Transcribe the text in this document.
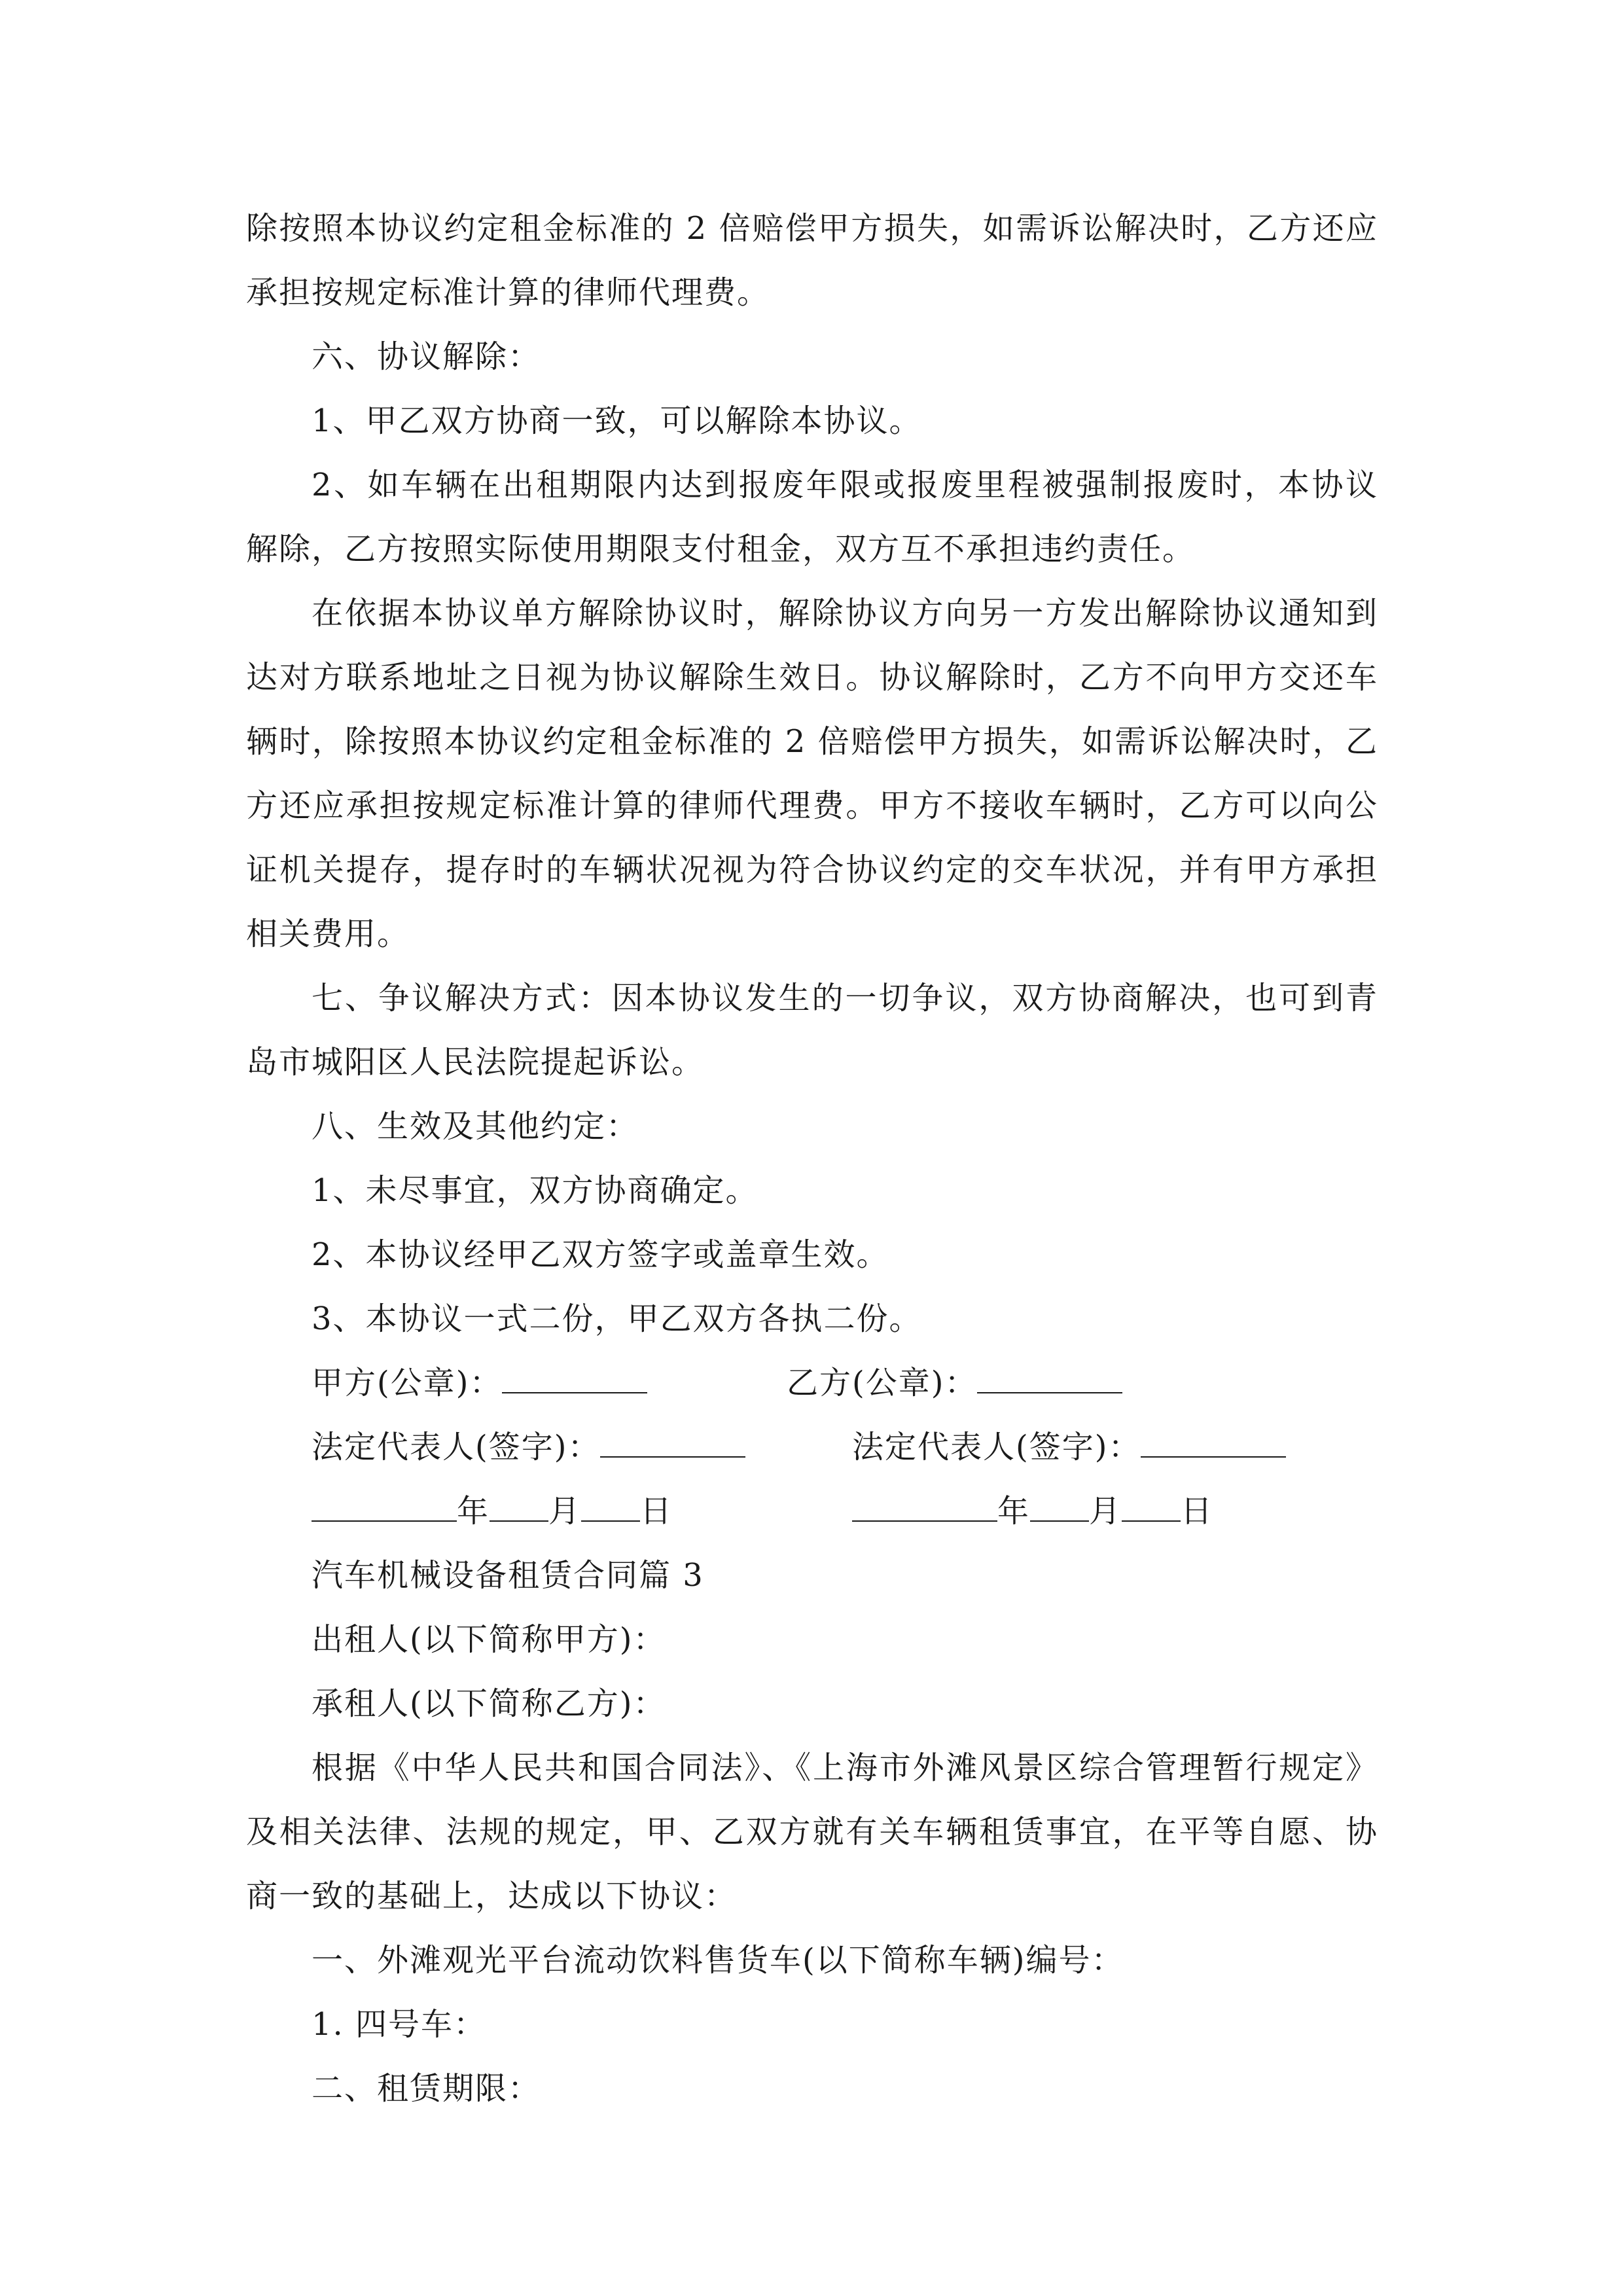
除按照本协议约定租金标准的 2 倍赔偿甲方损失，如需诉讼解决时，乙方还应承担按规定标准计算的律师代理费。

六、协议解除：

1、甲乙双方协商一致，可以解除本协议。

2、如车辆在出租期限内达到报废年限或报废里程被强制报废时，本协议解除，乙方按照实际使用期限支付租金，双方互不承担违约责任。

在依据本协议单方解除协议时，解除协议方向另一方发出解除协议通知到达对方联系地址之日视为协议解除生效日。协议解除时，乙方不向甲方交还车辆时，除按照本协议约定租金标准的 2 倍赔偿甲方损失，如需诉讼解决时，乙方还应承担按规定标准计算的律师代理费。甲方不接收车辆时，乙方可以向公证机关提存，提存时的车辆状况视为符合协议约定的交车状况，并有甲方承担相关费用。

七、争议解决方式：因本协议发生的一切争议，双方协商解决，也可到青岛市城阳区人民法院提起诉讼。

八、生效及其他约定：

1、未尽事宜，双方协商确定。

2、本协议经甲乙双方签字或盖章生效。

3、本协议一式二份，甲乙双方各执二份。

甲方(公章)：	乙方(公章)：
法定代表人(签字)：	法定代表人(签字)：
年 月 日	年 月 日

汽车机械设备租赁合同篇 3

出租人(以下简称甲方)：

承租人(以下简称乙方)：

根据《中华人民共和国合同法》、《上海市外滩风景区综合管理暂行规定》及相关法律、法规的规定，甲、乙双方就有关车辆租赁事宜，在平等自愿、协商一致的基础上，达成以下协议：

一、外滩观光平台流动饮料售货车(以下简称车辆)编号：

1. 四号车：

二、租赁期限：
